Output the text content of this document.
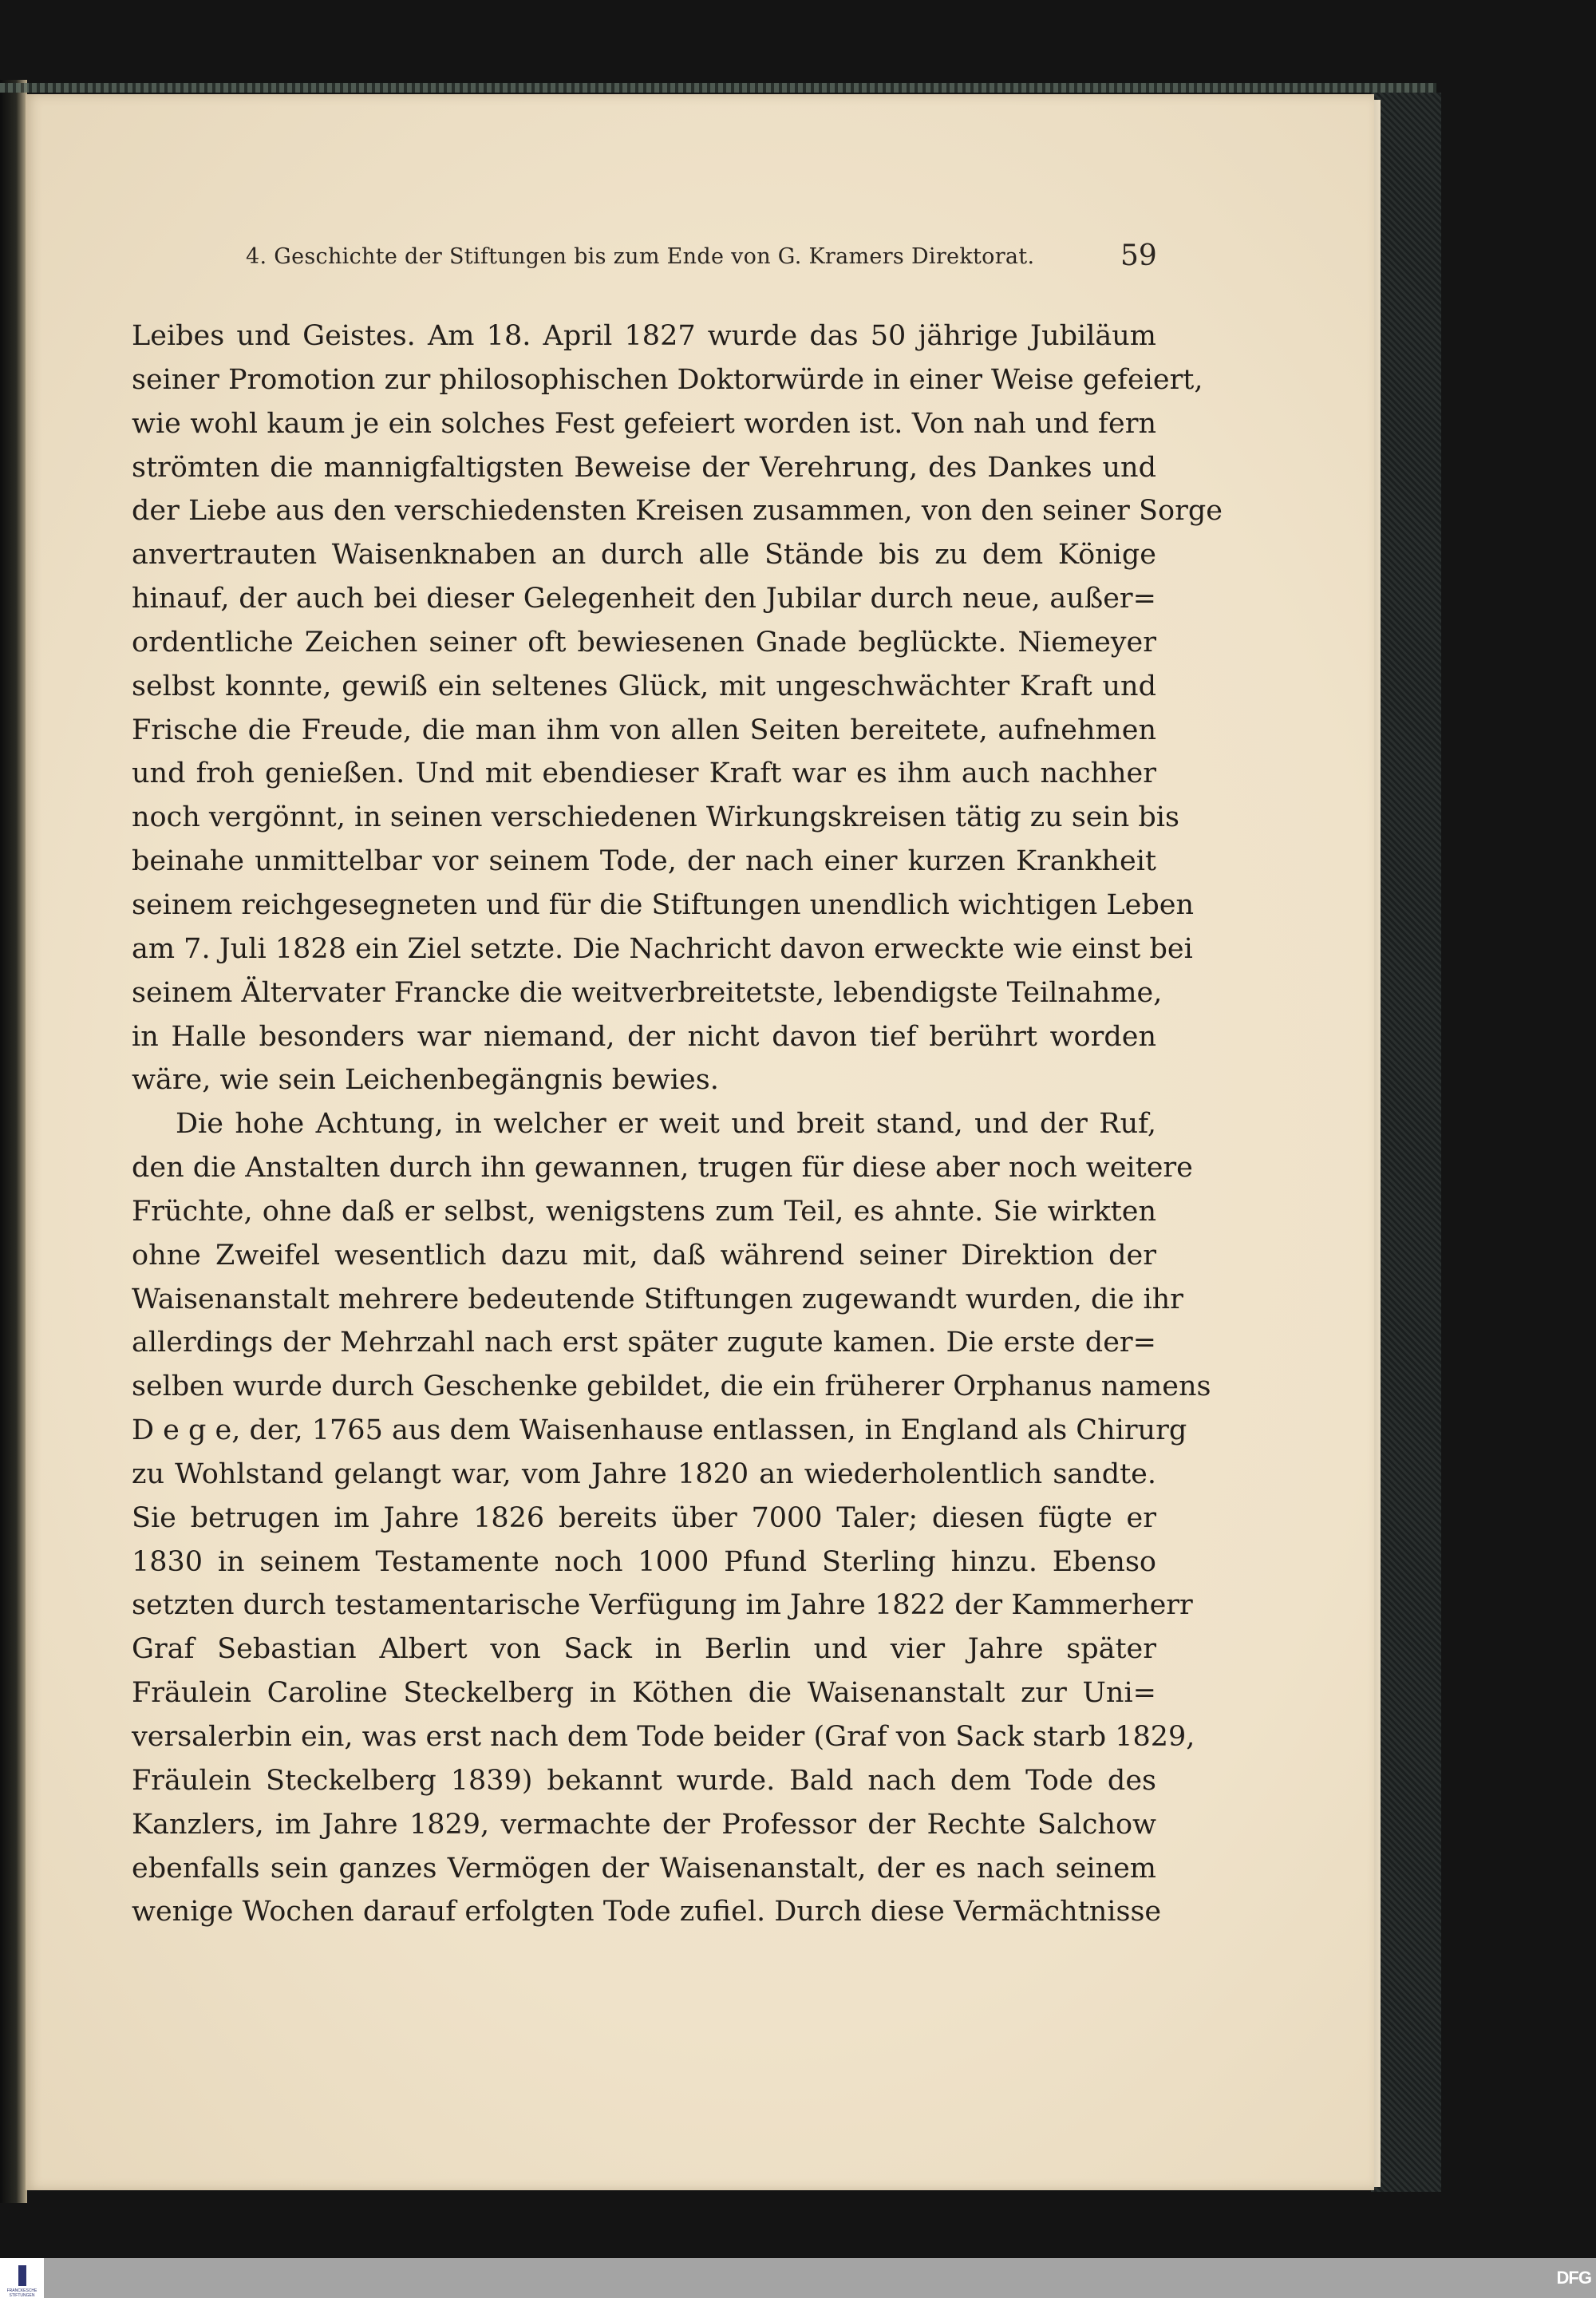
4. Geschichte der Stiftungen bis zum Ende von G. Kramers Direktorat.	59
Leibes und Geistes. Am 18. April 1827 wurde das 50 jährige Jubiläum
seiner Promotion zur philosophischen Doktorwürde in einer Weise gefeiert,
wie wohl kaum je ein solches Fest gefeiert worden ist. Von nah und fern
strömten die mannigfaltigsten Beweise der Verehrung, des Dankes und
der Liebe aus den verschiedensten Kreisen zusammen, von den seiner Sorge
anvertrauten Waisenknaben an durch alle Stände bis zu dem Könige
hinauf, der auch bei dieser Gelegenheit den Jubilar durch neue, außer=
ordentliche Zeichen seiner oft bewiesenen Gnade beglückte. Niemeyer
selbst konnte, gewiß ein seltenes Glück, mit ungeschwächter Kraft und
Frische die Freude, die man ihm von allen Seiten bereitete, aufnehmen
und froh genießen. Und mit ebendieser Kraft war es ihm auch nachher
noch vergönnt, in seinen verschiedenen Wirkungskreisen tätig zu sein bis
beinahe unmittelbar vor seinem Tode, der nach einer kurzen Krankheit
seinem reichgesegneten und für die Stiftungen unendlich wichtigen Leben
am 7. Juli 1828 ein Ziel setzte. Die Nachricht davon erweckte wie einst bei
seinem Ältervater Francke die weitverbreitetste, lebendigste Teilnahme,
in Halle besonders war niemand, der nicht davon tief berührt worden
wäre, wie sein Leichenbegängnis bewies.
Die hohe Achtung, in welcher er weit und breit stand, und der Ruf,
den die Anstalten durch ihn gewannen, trugen für diese aber noch weitere
Früchte, ohne daß er selbst, wenigstens zum Teil, es ahnte. Sie wirkten
ohne Zweifel wesentlich dazu mit, daß während seiner Direktion der
Waisenanstalt mehrere bedeutende Stiftungen zugewandt wurden, die ihr
allerdings der Mehrzahl nach erst später zugute kamen. Die erste der=
selben wurde durch Geschenke gebildet, die ein früherer Orphanus namens
D e g e, der, 1765 aus dem Waisenhause entlassen, in England als Chirurg
zu Wohlstand gelangt war, vom Jahre 1820 an wiederholentlich sandte.
Sie betrugen im Jahre 1826 bereits über 7000 Taler; diesen fügte er
1830 in seinem Testamente noch 1000 Pfund Sterling hinzu. Ebenso
setzten durch testamentarische Verfügung im Jahre 1822 der Kammerherr
Graf Sebastian Albert von Sack in Berlin und vier Jahre später
Fräulein Caroline Steckelberg in Köthen die Waisenanstalt zur Uni=
versalerbin ein, was erst nach dem Tode beider (Graf von Sack starb 1829,
Fräulein Steckelberg 1839) bekannt wurde. Bald nach dem Tode des
Kanzlers, im Jahre 1829, vermachte der Professor der Rechte Salchow
ebenfalls sein ganzes Vermögen der Waisenanstalt, der es nach seinem
wenige Wochen darauf erfolgten Tode zufiel. Durch diese Vermächtnisse
FRANCKESCHE STIFTUNGEN
DFG
